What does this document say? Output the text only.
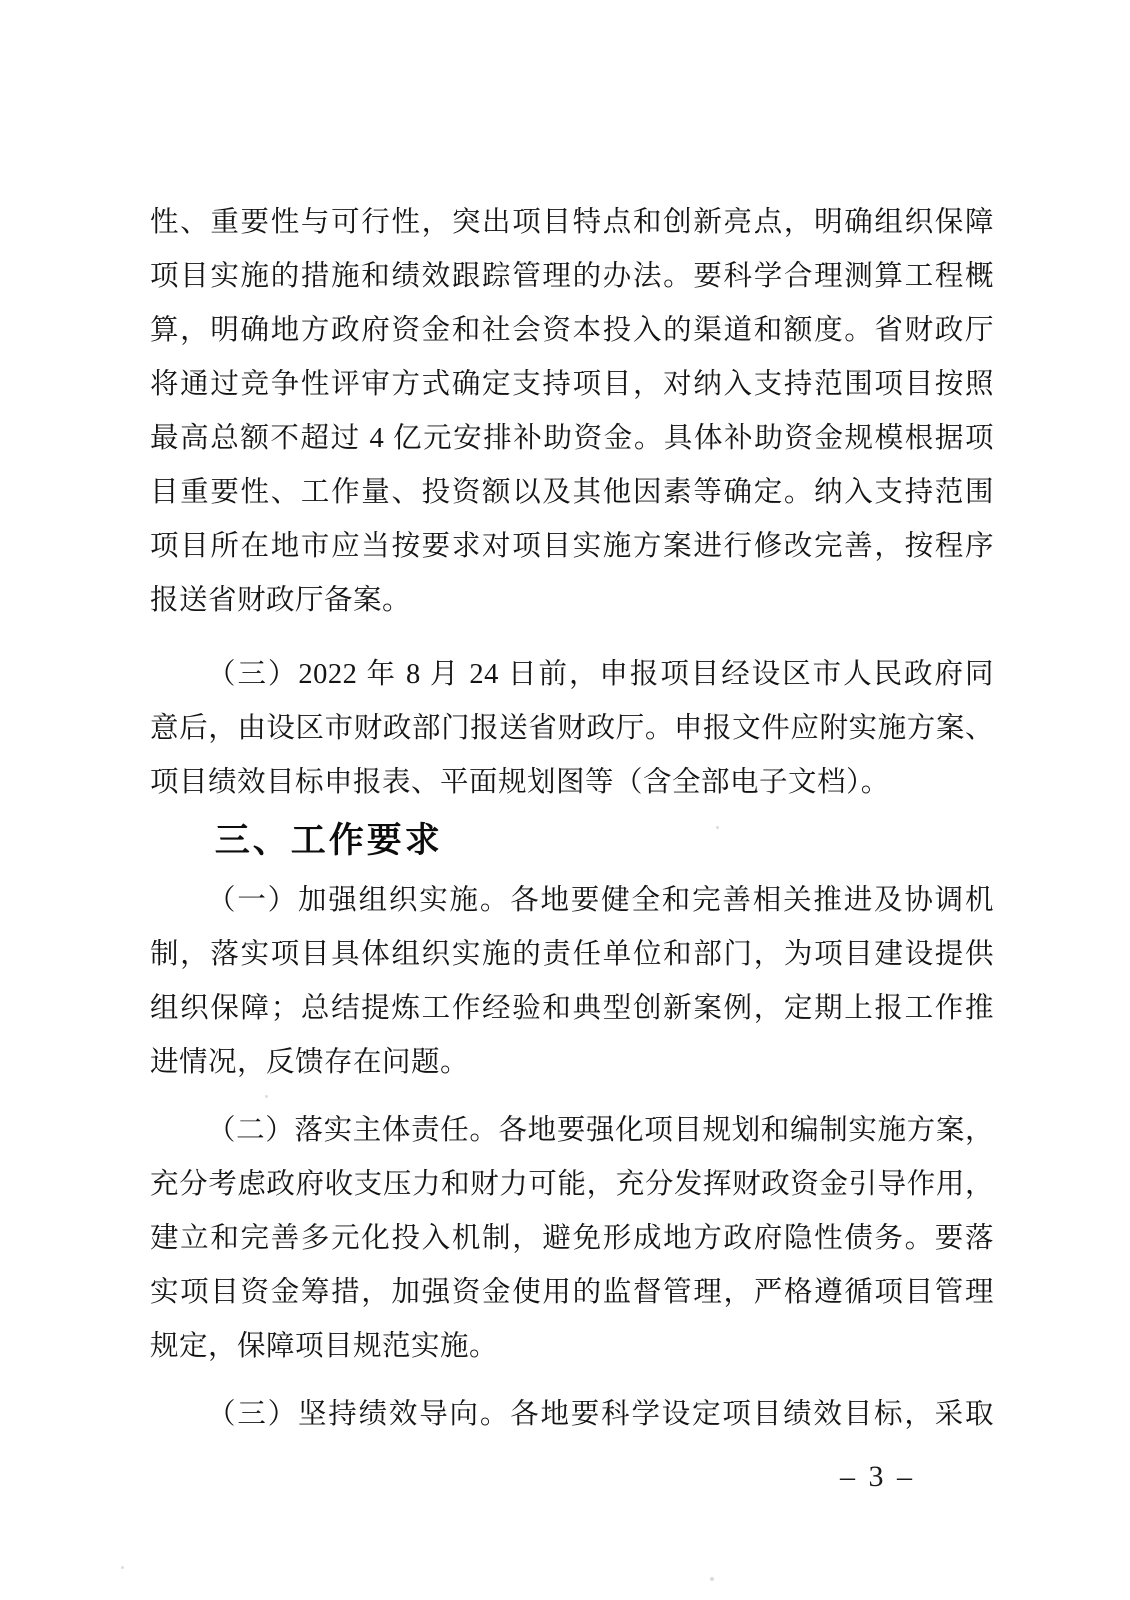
性、重要性与可行性，突出项目特点和创新亮点，明确组织保障
项目实施的措施和绩效跟踪管理的办法。要科学合理测算工程概
算，明确地方政府资金和社会资本投入的渠道和额度。省财政厅
将通过竞争性评审方式确定支持项目，对纳入支持范围项目按照
最高总额不超过 4 亿元安排补助资金。具体补助资金规模根据项
目重要性、工作量、投资额以及其他因素等确定。纳入支持范围
项目所在地市应当按要求对项目实施方案进行修改完善，按程序
报送省财政厅备案。
（三）2022 年 8 月 24 日前，申报项目经设区市人民政府同
意后，由设区市财政部门报送省财政厅。申报文件应附实施方案、
项目绩效目标申报表、平面规划图等（含全部电子文档）。
三、工作要求
（一）加强组织实施。各地要健全和完善相关推进及协调机
制，落实项目具体组织实施的责任单位和部门，为项目建设提供
组织保障；总结提炼工作经验和典型创新案例，定期上报工作推
进情况，反馈存在问题。
（二）落实主体责任。各地要强化项目规划和编制实施方案，
充分考虑政府收支压力和财力可能，充分发挥财政资金引导作用，
建立和完善多元化投入机制，避免形成地方政府隐性债务。要落
实项目资金筹措，加强资金使用的监督管理，严格遵循项目管理
规定，保障项目规范实施。
（三）坚持绩效导向。各地要科学设定项目绩效目标，采取
– 3 –
